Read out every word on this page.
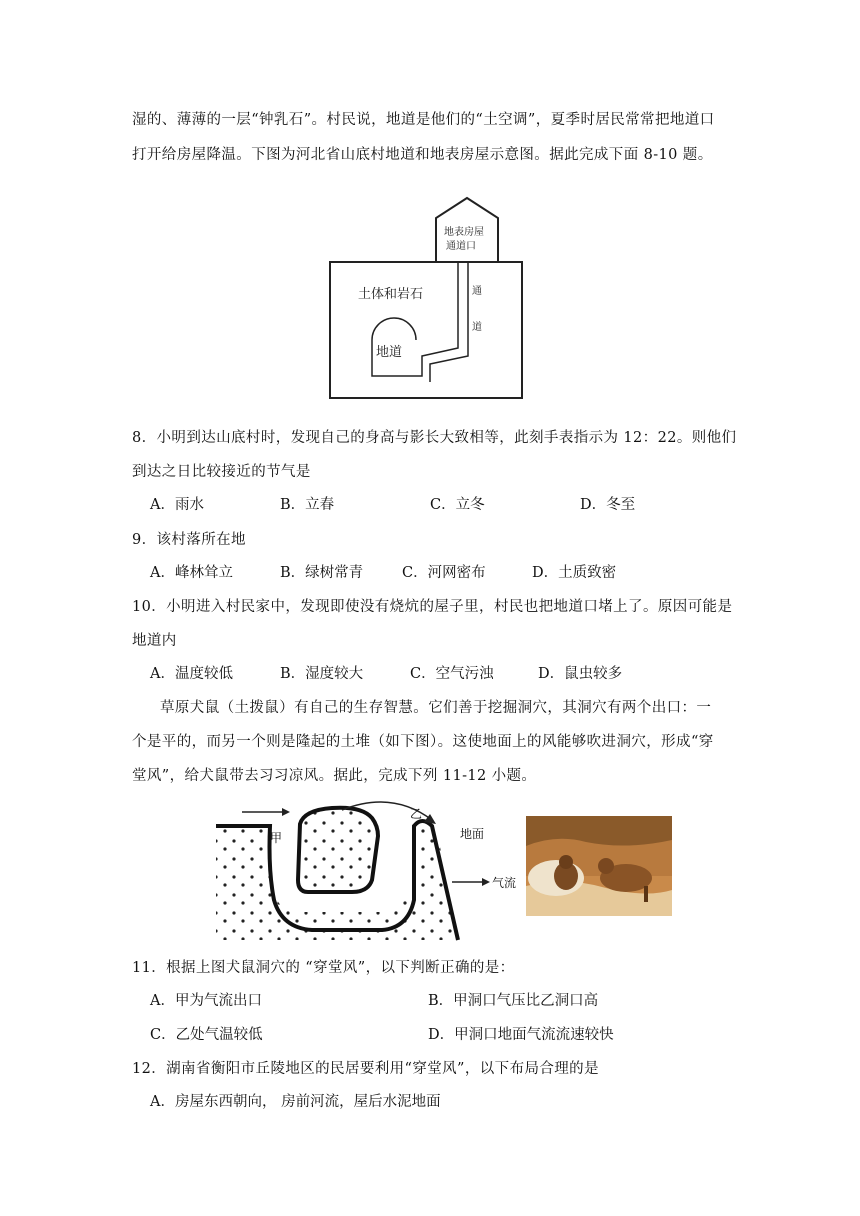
湿的、薄薄的一层“钟乳石”。村民说，地道是他们的“土空调”，夏季时居民常常把地道口
打开给房屋降温。下图为河北省山底村地道和地表房屋示意图。据此完成下面 8-10 题。
地表房屋
通道口
土体和岩石	通
道
地道
8．小明到达山底村时，发现自己的身高与影长大致相等，此刻手表指示为 12：22。则他们
到达之日比较接近的节气是
A．雨水	B．立春	C．立冬	D．冬至
9．该村落所在地
A．峰林耸立	B．绿树常青	C．河网密布	D．土质致密
10．小明进入村民家中，发现即使没有烧炕的屋子里，村民也把地道口堵上了。原因可能是
地道内
A．温度较低	B．湿度较大	C．空气污浊	D．鼠虫较多
草原犬鼠（土拨鼠）有自己的生存智慧。它们善于挖掘洞穴，其洞穴有两个出口：一
个是平的，而另一个则是隆起的土堆（如下图）。这使地面上的风能够吹进洞穴，形成“穿
堂风”，给犬鼠带去习习凉风。据此，完成下列 11-12 小题。
甲
乙
地面
气流
11．根据上图犬鼠洞穴的 “穿堂风”，以下判断正确的是：
A．甲为气流出口	B．甲洞口气压比乙洞口高
C．乙处气温较低	D．甲洞口地面气流流速较快
12．湖南省衡阳市丘陵地区的民居要利用“穿堂风”，以下布局合理的是
A．房屋东西朝向， 房前河流，屋后水泥地面
